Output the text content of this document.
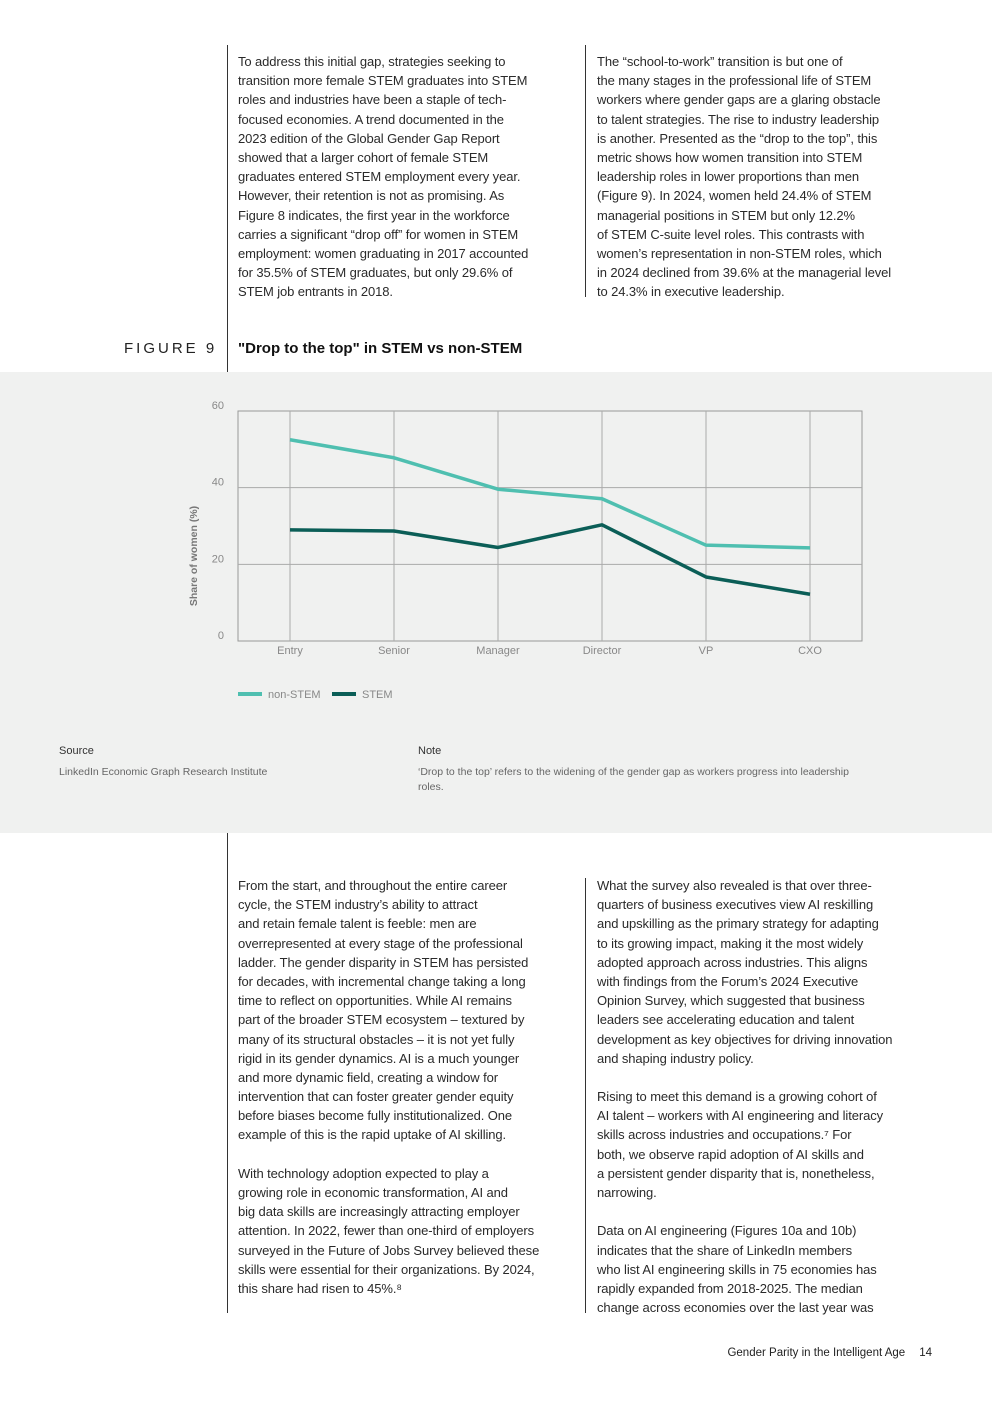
To address this initial gap, strategies seeking to
transition more female STEM graduates into STEM
roles and industries have been a staple of tech-
focused economies. A trend documented in the
2023 edition of the Global Gender Gap Report
showed that a larger cohort of female STEM
graduates entered STEM employment every year.
However, their retention is not as promising. As
Figure 8 indicates, the first year in the workforce
carries a significant “drop off” for women in STEM
employment: women graduating in 2017 accounted
for 35.5% of STEM graduates, but only 29.6% of
STEM job entrants in 2018.
The “school-to-work” transition is but one of
the many stages in the professional life of STEM
workers where gender gaps are a glaring obstacle
to talent strategies. The rise to industry leadership
is another. Presented as the “drop to the top”, this
metric shows how women transition into STEM
leadership roles in lower proportions than men
(Figure 9). In 2024, women held 24.4% of STEM
managerial positions in STEM but only 12.2%
of STEM C-suite level roles. This contrasts with
women’s representation in non-STEM roles, which
in 2024 declined from 39.6% at the managerial level
to 24.3% in executive leadership.
FIGURE 9 "Drop to the top" in STEM vs non-STEM
0
20
40
60
Entry	Senior	Manager	Director	VP	CXO
Share of women (%)
non-STEM	STEM
Source
LinkedIn Economic Graph Research Institute
Note
‘Drop to the top’ refers to the widening of the gender gap as workers progress into leadership
roles.
From the start, and throughout the entire career
cycle, the STEM industry’s ability to attract
and retain female talent is feeble: men are
overrepresented at every stage of the professional
ladder. The gender disparity in STEM has persisted
for decades, with incremental change taking a long
time to reflect on opportunities. While AI remains
part of the broader STEM ecosystem – textured by
many of its structural obstacles – it is not yet fully
rigid in its gender dynamics. AI is a much younger
and more dynamic field, creating a window for
intervention that can foster greater gender equity
before biases become fully institutionalized. One
example of this is the rapid uptake of AI skilling.
With technology adoption expected to play a
growing role in economic transformation, AI and
big data skills are increasingly attracting employer
attention. In 2022, fewer than one-third of employers
surveyed in the Future of Jobs Survey believed these
skills were essential for their organizations. By 2024,
this share had risen to 45%.⁸
What the survey also revealed is that over three-
quarters of business executives view AI reskilling
and upskilling as the primary strategy for adapting
to its growing impact, making it the most widely
adopted approach across industries. This aligns
with findings from the Forum’s 2024 Executive
Opinion Survey, which suggested that business
leaders see accelerating education and talent
development as key objectives for driving innovation
and shaping industry policy.
Rising to meet this demand is a growing cohort of
AI talent – workers with AI engineering and literacy
skills across industries and occupations.⁷ For
both, we observe rapid adoption of AI skills and
a persistent gender disparity that is, nonetheless,
narrowing.
Data on AI engineering (Figures 10a and 10b)
indicates that the share of LinkedIn members
who list AI engineering skills in 75 economies has
rapidly expanded from 2018-2025. The median
change across economies over the last year was
Gender Parity in the Intelligent Age 14
